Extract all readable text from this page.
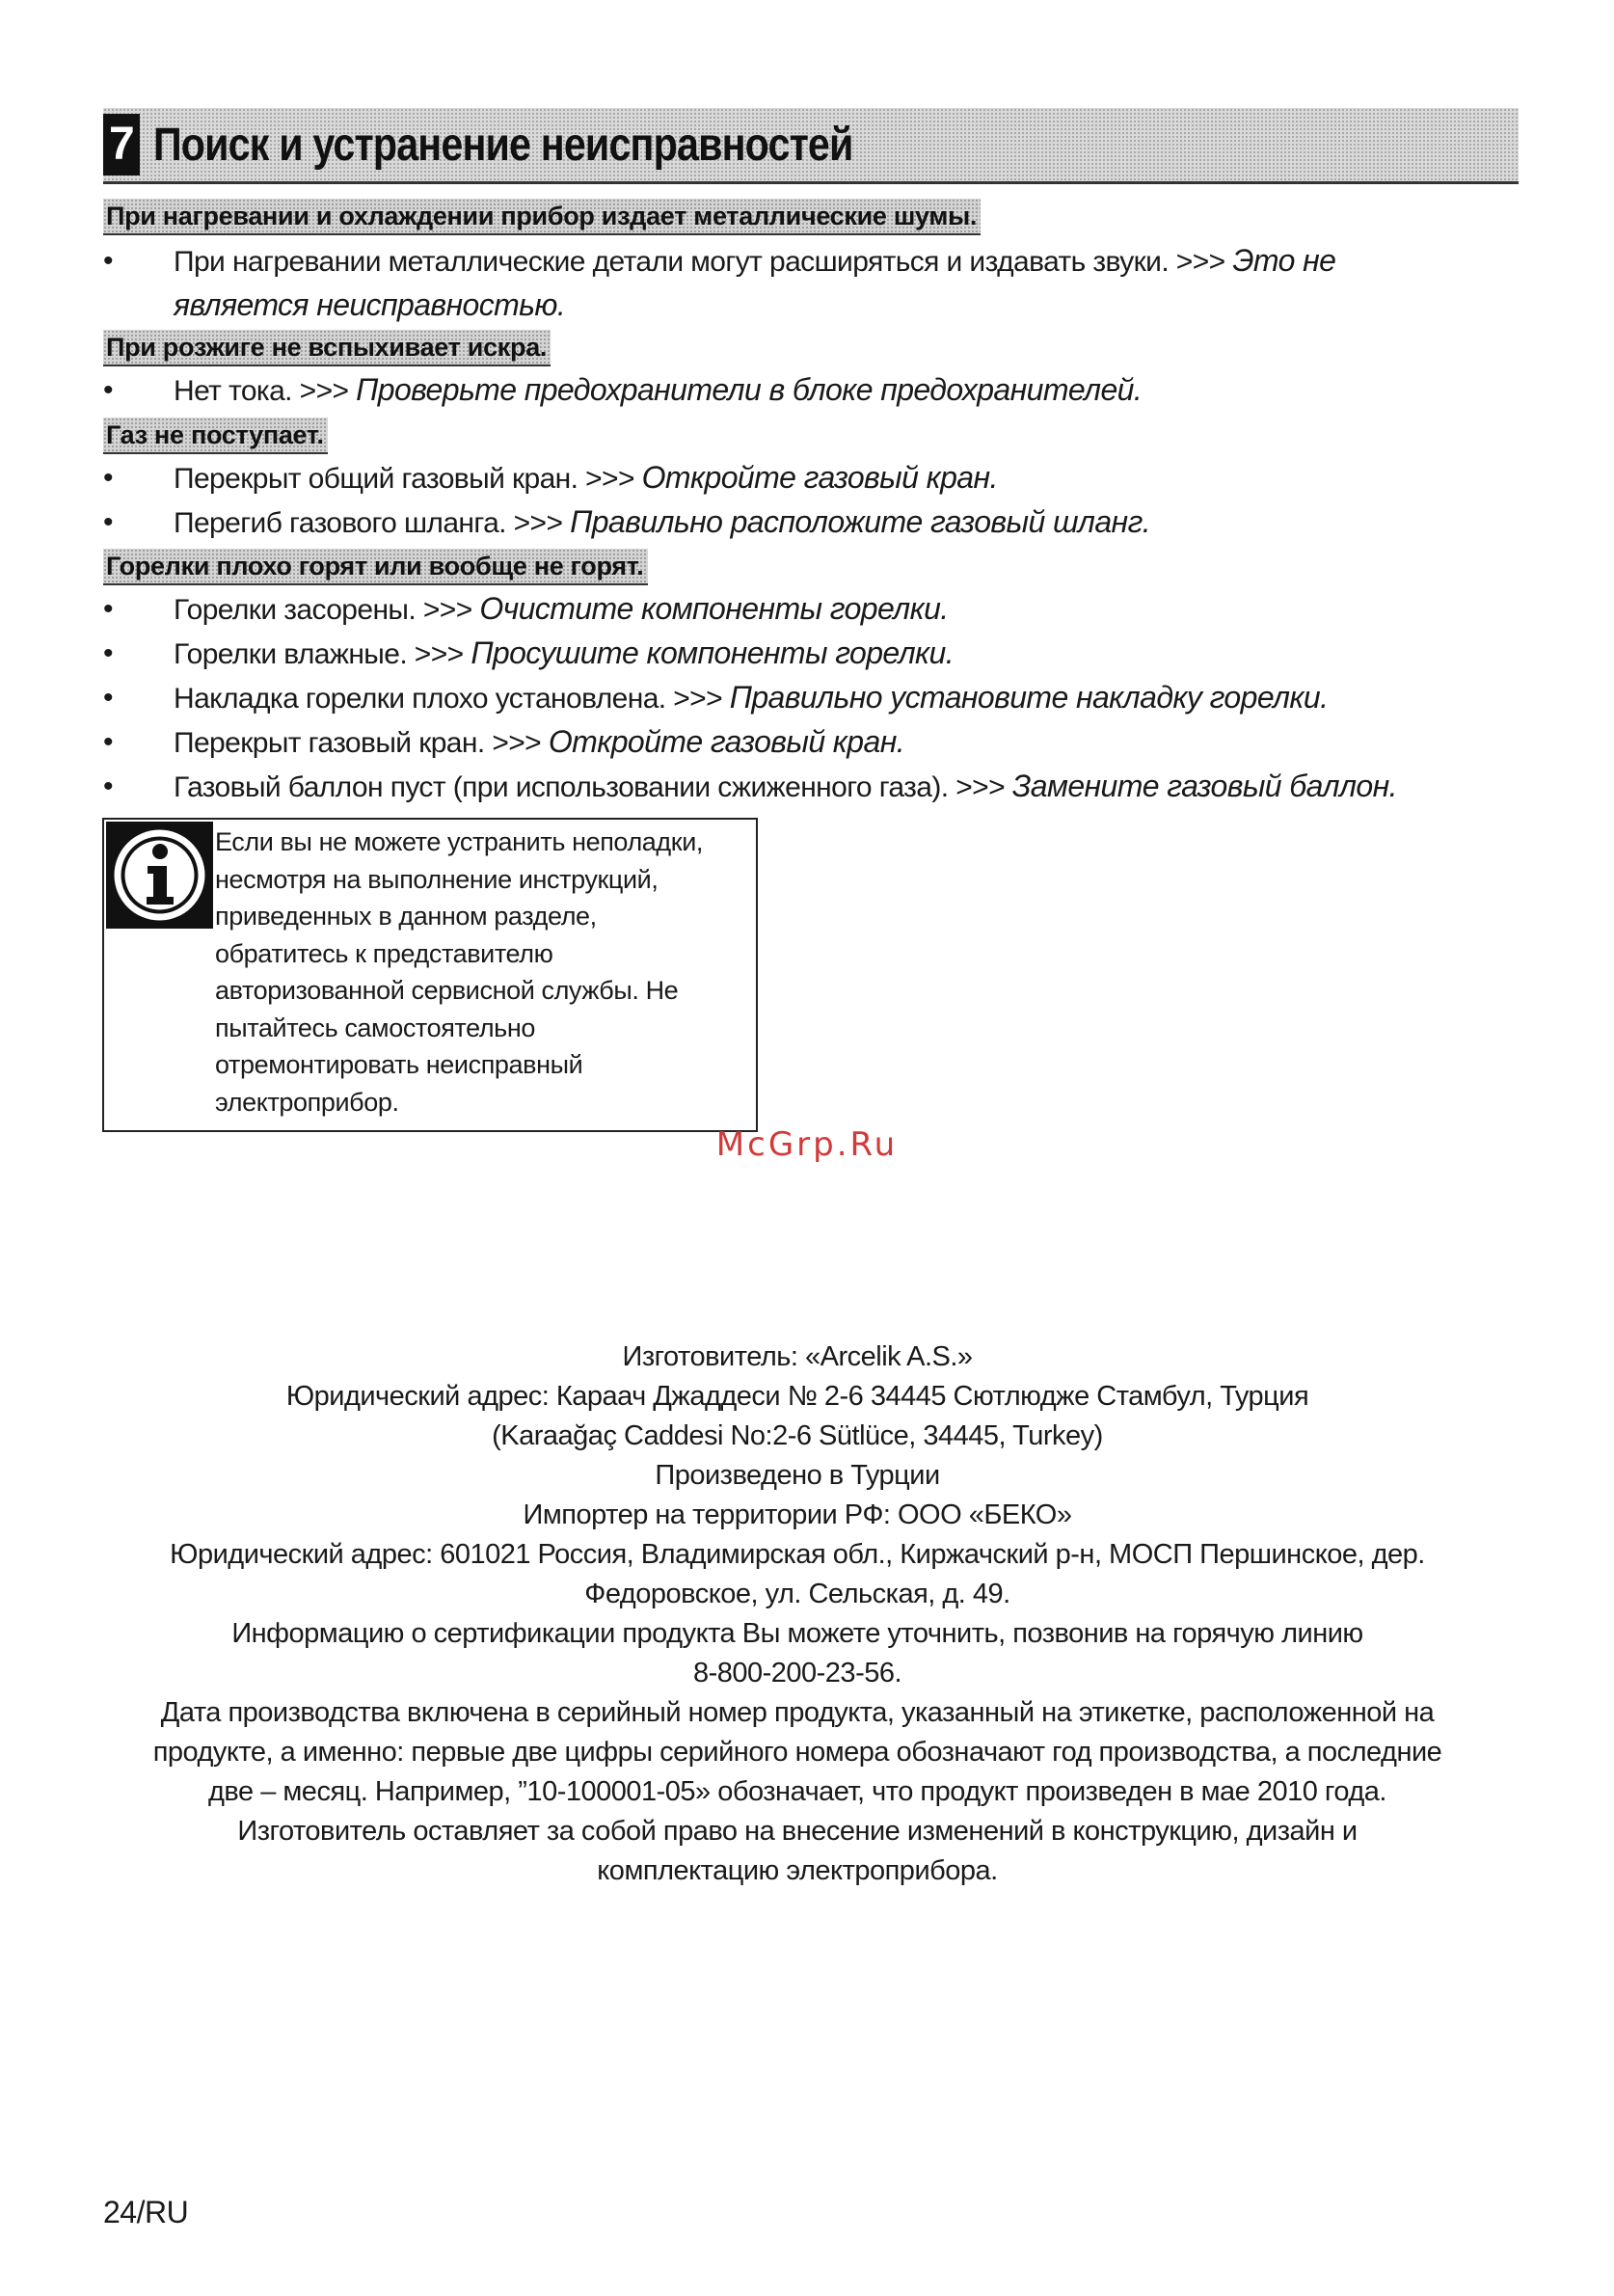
7 Поиск и устранение неисправностей
При нагревании и охлаждении прибор издает металлические шумы.
• При нагревании металлические детали могут расширяться и издавать звуки. >>> Это не
является неисправностью.
При розжиге не вспыхивает искра.
• Нет тока. >>> Проверьте предохранители в блоке предохранителей.
Газ не поступает.
• Перекрыт общий газовый кран. >>> Откройте газовый кран.
• Перегиб газового шланга. >>> Правильно расположите газовый шланг.
Горелки плохо горят или вообще не горят.
• Горелки засорены. >>> Очистите компоненты горелки.
• Горелки влажные. >>> Просушите компоненты горелки.
• Накладка горелки плохо установлена. >>> Правильно установите накладку горелки.
• Перекрыт газовый кран. >>> Откройте газовый кран.
• Газовый баллон пуст (при использовании сжиженного газа). >>> Замените газовый баллон.
Если вы не можете устранить неполадки,
несмотря на выполнение инструкций,
приведенных в данном разделе,
обратитесь к представителю
авторизованной сервисной службы. Не
пытайтесь самостоятельно
отремонтировать неисправный
электроприбор.
McGrp.Ru
Изготовитель: «Arcelik A.S.»
Юридический адрес: Караач Джаддеси № 2-6 34445 Сютлюдже Стамбул, Турция
(Karaağaç Caddesi No:2-6 Sütlüce, 34445, Turkey)
Произведено в Турции
Импортер на территории РФ: ООО «БЕКО»
Юридический адрес: 601021 Россия, Владимирская обл., Киржачский р-н, МОСП Першинское, дер.
Федоровское, ул. Сельская, д. 49.
Информацию о сертификации продукта Вы можете уточнить, позвонив на горячую линию
8-800-200-23-56.
Дата производства включена в серийный номер продукта, указанный на этикетке, расположенной на
продукте, а именно: первые две цифры серийного номера обозначают год производства, а последние
две – месяц. Например, ”10-100001-05» обозначает, что продукт произведен в мае 2010 года.
Изготовитель оставляет за собой право на внесение изменений в конструкцию, дизайн и
комплектацию электроприбора.
24/RU
